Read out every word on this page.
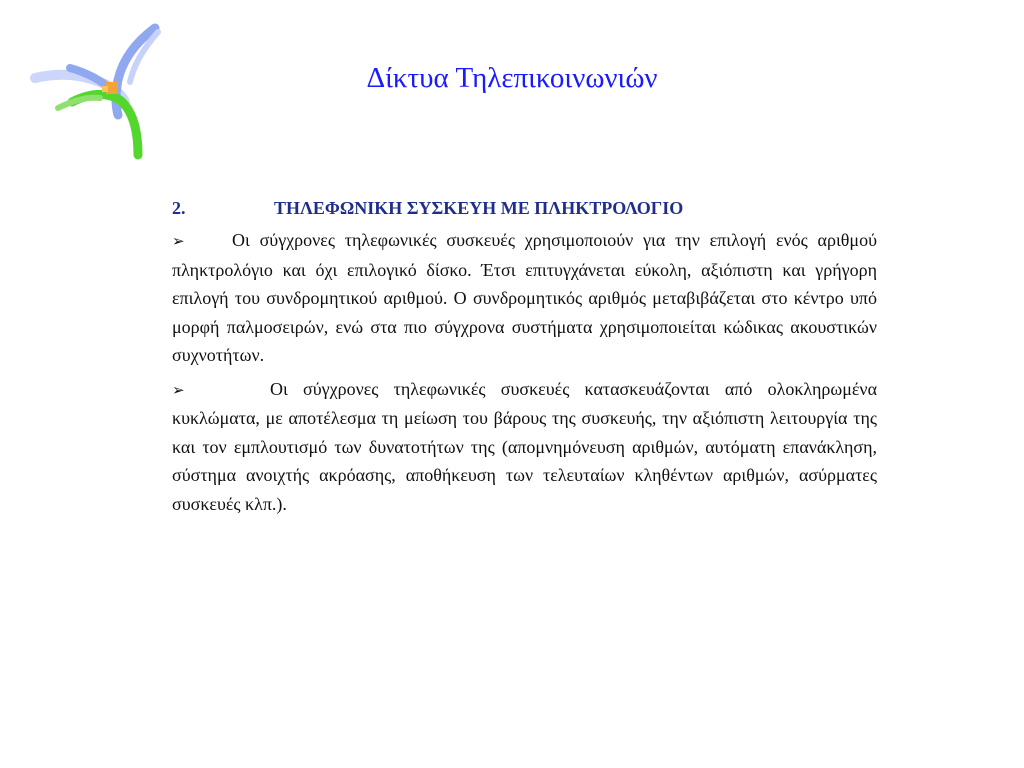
Δίκτυα Τηλεπικοινωνιών
2.	ΤΗΛΕΦΩΝΙΚΗ ΣΥΣΚΕΥΗ ΜΕ ΠΛΗΚΤΡΟΛΟΓΙΟ

➢	Οι σύγχρονες τηλεφωνικές συσκευές χρησιμοποιούν για την επιλογή ενός αριθμού πληκτρολόγιο και όχι επιλογικό δίσκο. Έτσι επιτυγχάνεται εύκολη, αξιόπιστη και γρήγορη επιλογή του συνδρομητικού αριθμού. Ο συνδρομητικός αριθμός μεταβιβάζεται στο κέντρο υπό μορφή παλμοσειρών, ενώ στα πιο σύγχρονα συστήματα χρησιμοποιείται κώδικας ακουστικών συχνοτήτων.

➢	Οι σύγχρονες τηλεφωνικές συσκευές κατασκευάζονται από ολοκληρωμένα κυκλώματα, με αποτέλεσμα τη μείωση του βάρους της συσκευής, την αξιόπιστη λειτουργία της και τον εμπλουτισμό των δυνατοτήτων της (απομνημόνευση αριθμών, αυτόματη επανάκληση, σύστημα ανοιχτής ακρόασης, αποθήκευση των τελευταίων κληθέντων αριθμών, ασύρματες συσκευές κλπ.).
